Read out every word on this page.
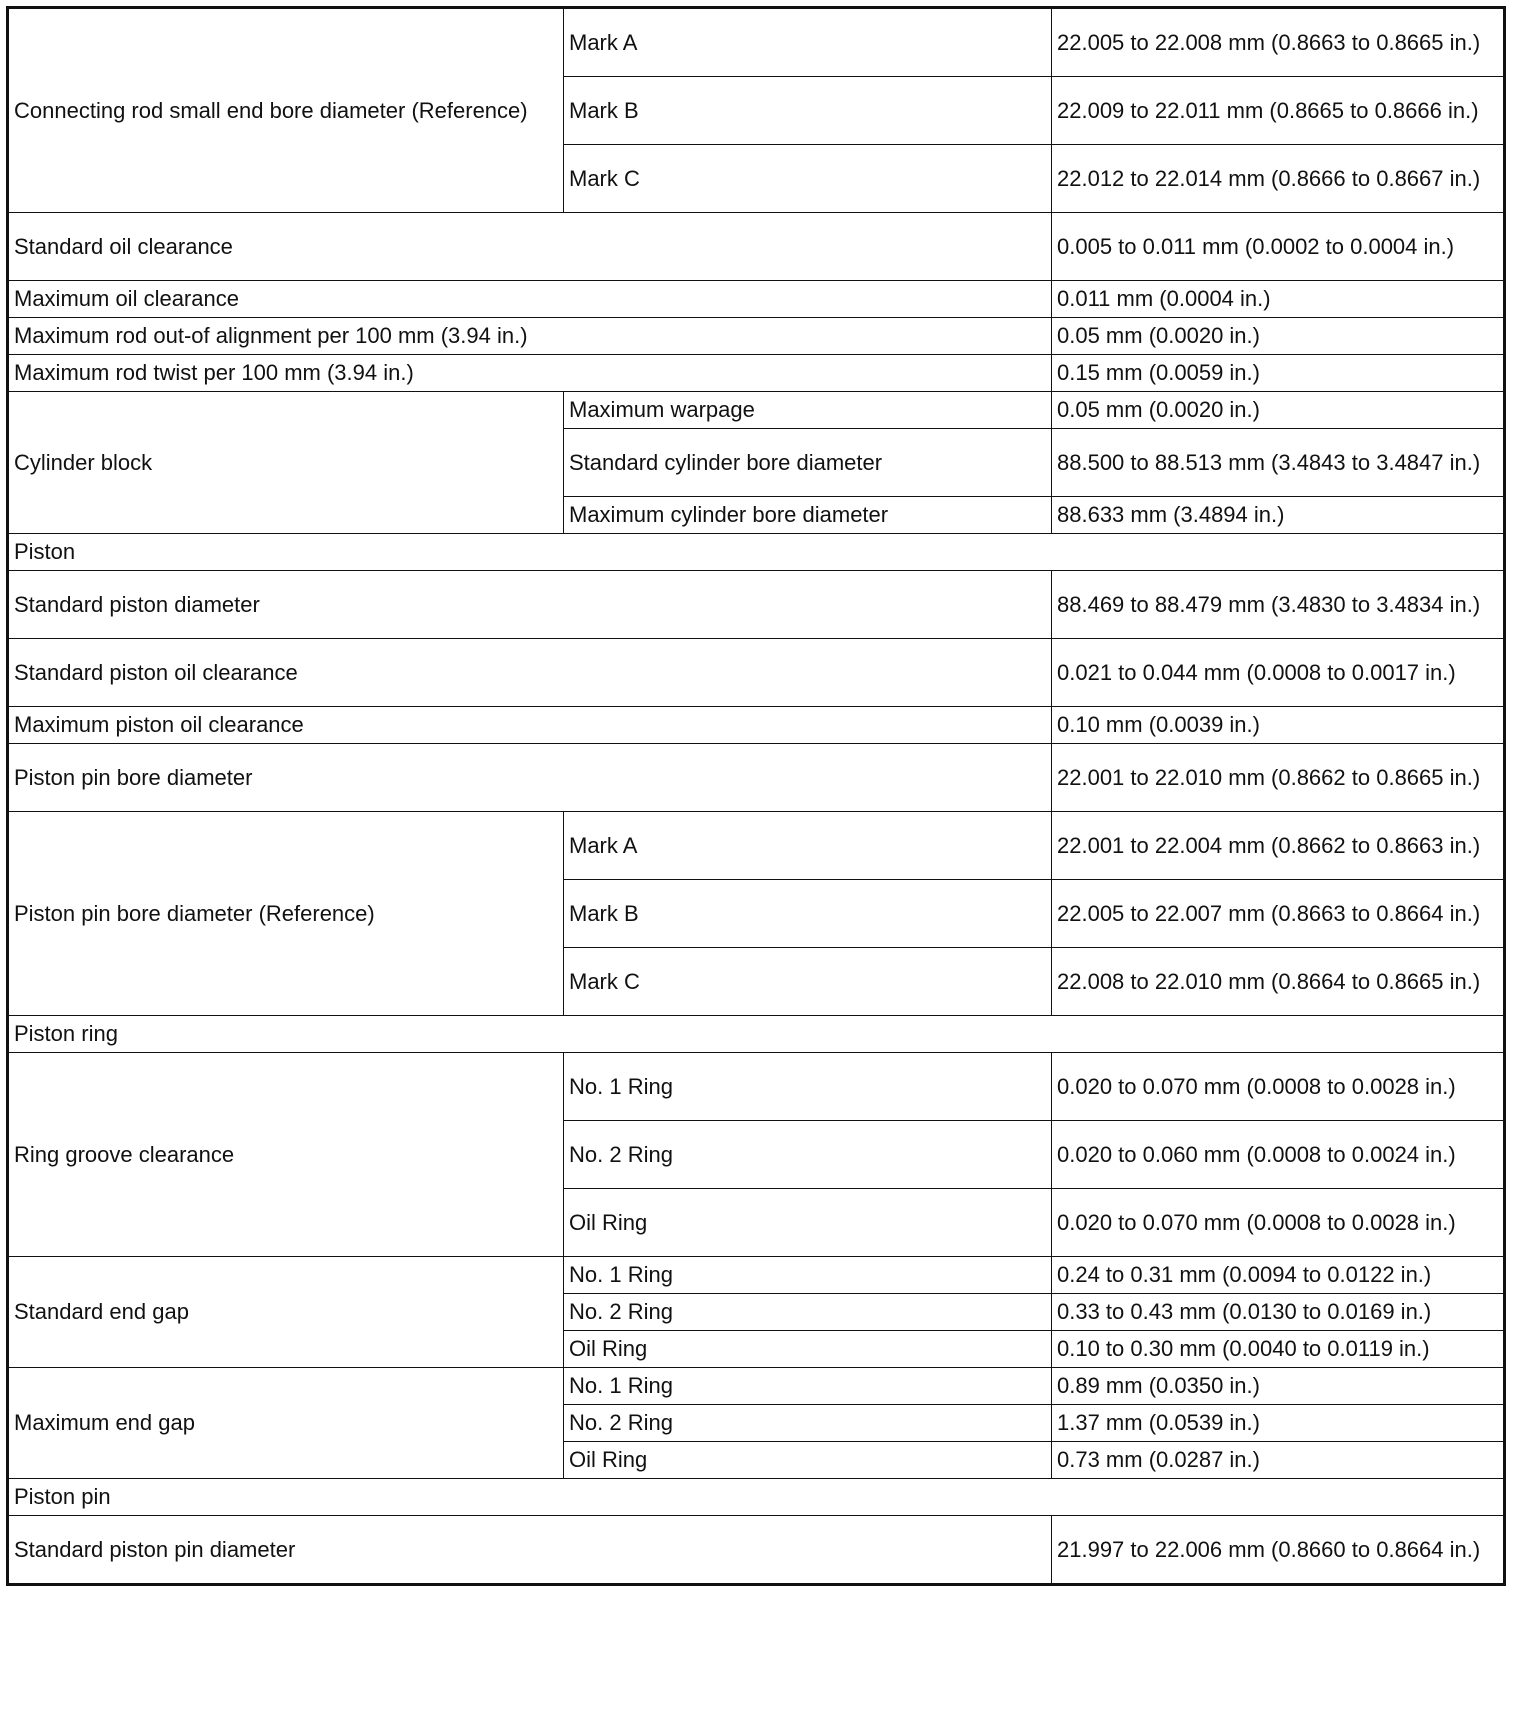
Connecting rod small end bore diameter (Reference)	Mark A	22.005 to 22.008 mm (0.8663 to 0.8665 in.)
	Mark B	22.009 to 22.011 mm (0.8665 to 0.8666 in.)
	Mark C	22.012 to 22.014 mm (0.8666 to 0.8667 in.)
Standard oil clearance		0.005 to 0.011 mm (0.0002 to 0.0004 in.)
Maximum oil clearance		0.011 mm (0.0004 in.)
Maximum rod out-of alignment per 100 mm (3.94 in.)		0.05 mm (0.0020 in.)
Maximum rod twist per 100 mm (3.94 in.)		0.15 mm (0.0059 in.)
Cylinder block	Maximum warpage	0.05 mm (0.0020 in.)
	Standard cylinder bore diameter	88.500 to 88.513 mm (3.4843 to 3.4847 in.)
	Maximum cylinder bore diameter	88.633 mm (3.4894 in.)
Piston		
Standard piston diameter		88.469 to 88.479 mm (3.4830 to 3.4834 in.)
Standard piston oil clearance		0.021 to 0.044 mm (0.0008 to 0.0017 in.)
Maximum piston oil clearance		0.10 mm (0.0039 in.)
Piston pin bore diameter		22.001 to 22.010 mm (0.8662 to 0.8665 in.)
Piston pin bore diameter (Reference)	Mark A	22.001 to 22.004 mm (0.8662 to 0.8663 in.)
	Mark B	22.005 to 22.007 mm (0.8663 to 0.8664 in.)
	Mark C	22.008 to 22.010 mm (0.8664 to 0.8665 in.)
Piston ring		
Ring groove clearance	No. 1 Ring	0.020 to 0.070 mm (0.0008 to 0.0028 in.)
	No. 2 Ring	0.020 to 0.060 mm (0.0008 to 0.0024 in.)
	Oil Ring	0.020 to 0.070 mm (0.0008 to 0.0028 in.)
Standard end gap	No. 1 Ring	0.24 to 0.31 mm (0.0094 to 0.0122 in.)
	No. 2 Ring	0.33 to 0.43 mm (0.0130 to 0.0169 in.)
	Oil Ring	0.10 to 0.30 mm (0.0040 to 0.0119 in.)
Maximum end gap	No. 1 Ring	0.89 mm (0.0350 in.)
	No. 2 Ring	1.37 mm (0.0539 in.)
	Oil Ring	0.73 mm (0.0287 in.)
Piston pin		
Standard piston pin diameter		21.997 to 22.006 mm (0.8660 to 0.8664 in.)
